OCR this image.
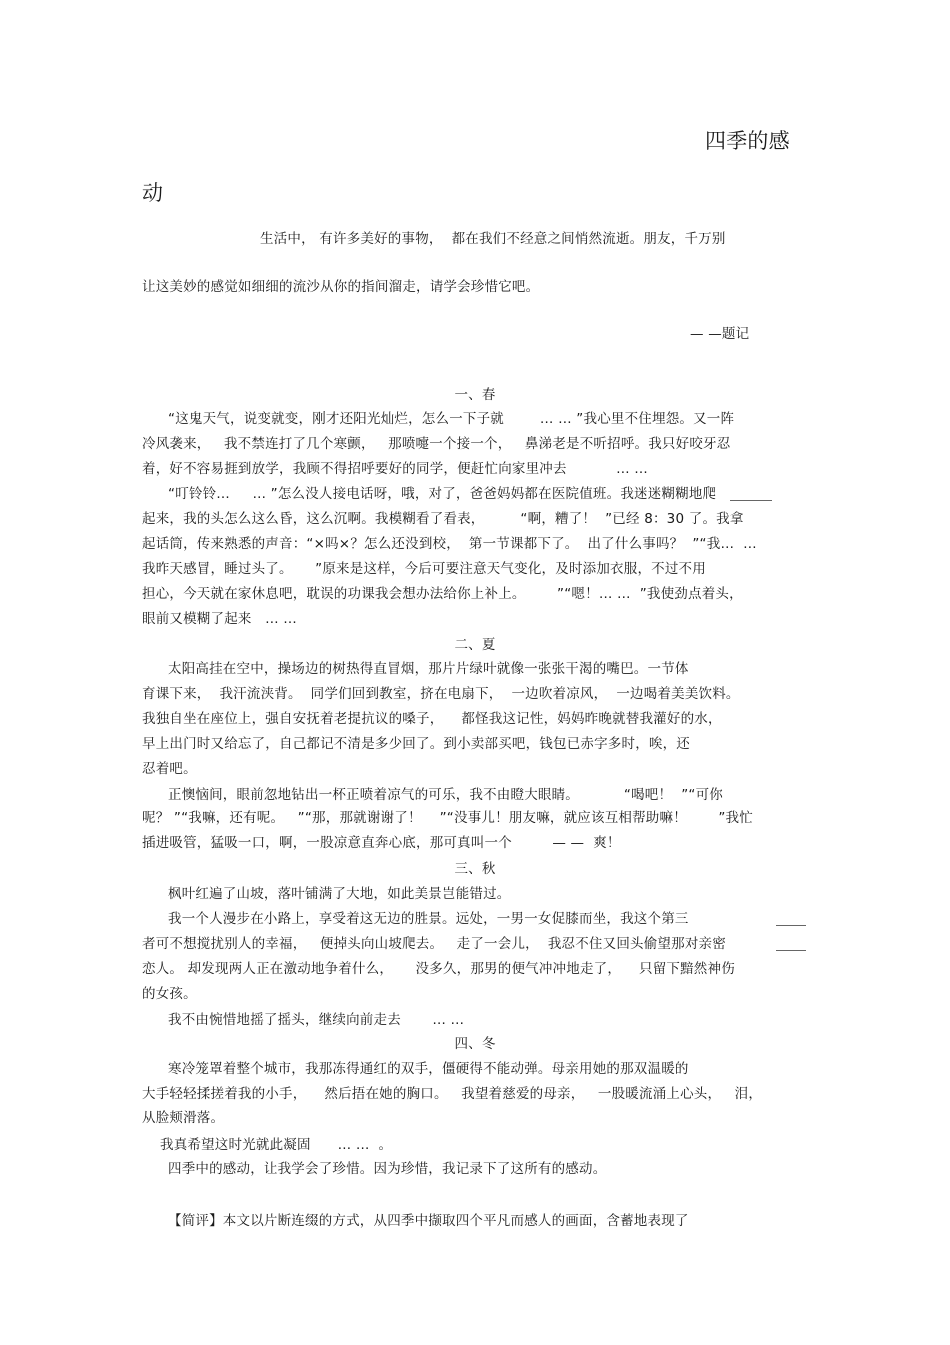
四季的感
动
生活中， 有许多美好的事物，  都在我们不经意之间悄然流逝。朋友，千万别
让这美妙的感觉如细细的流沙从你的指间溜走，请学会珍惜它吧。
— —题记
一、春
“这鬼天气，说变就变，刚才还阳光灿烂，怎么一下子就        … … ”我心里不住埋怨。又一阵
冷风袭来，   我不禁连打了几个寒颤，   那喷嚏一个接一个，   鼻涕老是不听招呼。我只好咬牙忍
着，好不容易捱到放学，我顾不得招呼要好的同学，便赶忙向家里冲去           … …
“叮铃铃…     … ”怎么没人接电话呀，哦，对了，爸爸妈妈都在医院值班。我迷迷糊糊地爬
起来，我的头怎么这么昏，这么沉啊。我模糊看了看表，        “啊，糟了！  ”已经 8：30 了。我拿
起话筒，传来熟悉的声音：“×吗×？怎么还没到校，  第一节课都下了。  出了什么事吗？  ”“我…  …
我昨天感冒，睡过头了。     ”原来是这样，今后可要注意天气变化，及时添加衣服，不过不用
担心，今天就在家休息吧，耽误的功课我会想办法给你上补上。       ”“嗯！… …  ”我使劲点着头，
眼前又模糊了起来   … …
二、夏
太阳高挂在空中，操场边的树热得直冒烟，那片片绿叶就像一张张干渴的嘴巴。一节体
育课下来，  我汗流浃背。  同学们回到教室，挤在电扇下，  一边吹着凉风，  一边喝着美美饮料。
我独自坐在座位上，强自安抚着老提抗议的嗓子，    都怪我这记性，妈妈昨晚就替我灌好的水，
早上出门时又给忘了，自己都记不清是多少回了。到小卖部买吧，钱包已赤字多时，唉，还
忍着吧。
正懊恼间，眼前忽地钻出一杯正喷着凉气的可乐，我不由瞪大眼睛。          “喝吧！  ”“可你
呢？ ”“我嘛，还有呢。   ”“那，那就谢谢了！    ”“没事儿！朋友嘛，就应该互相帮助嘛！       ”我忙
插进吸管，猛吸一口，啊，一股凉意直奔心底，那可真叫一个         — —  爽！
三、秋
枫叶红遍了山坡，落叶铺满了大地，如此美景岂能错过。
我一个人漫步在小路上，享受着这无边的胜景。远处，一男一女促膝而坐，我这个第三
者可不想搅扰别人的幸福，   便掉头向山坡爬去。   走了一会儿，  我忍不住又回头偷望那对亲密
恋人。 却发现两人正在激动地争着什么，     没多久，那男的便气冲冲地走了，    只留下黯然神伤
的女孩。
我不由惋惜地摇了摇头，继续向前走去       … …
四、冬
寒冷笼罩着整个城市，我那冻得通红的双手，僵硬得不能动弹。母亲用她的那双温暖的
大手轻轻揉搓着我的小手，    然后捂在她的胸口。   我望着慈爱的母亲，   一股暖流涌上心头，   泪，
从脸颊滑落。
我真希望这时光就此凝固      … …  。
四季中的感动，让我学会了珍惜。因为珍惜，我记录下了这所有的感动。
【简评】本文以片断连缀的方式，从四季中撷取四个平凡而感人的画面，含蓄地表现了
